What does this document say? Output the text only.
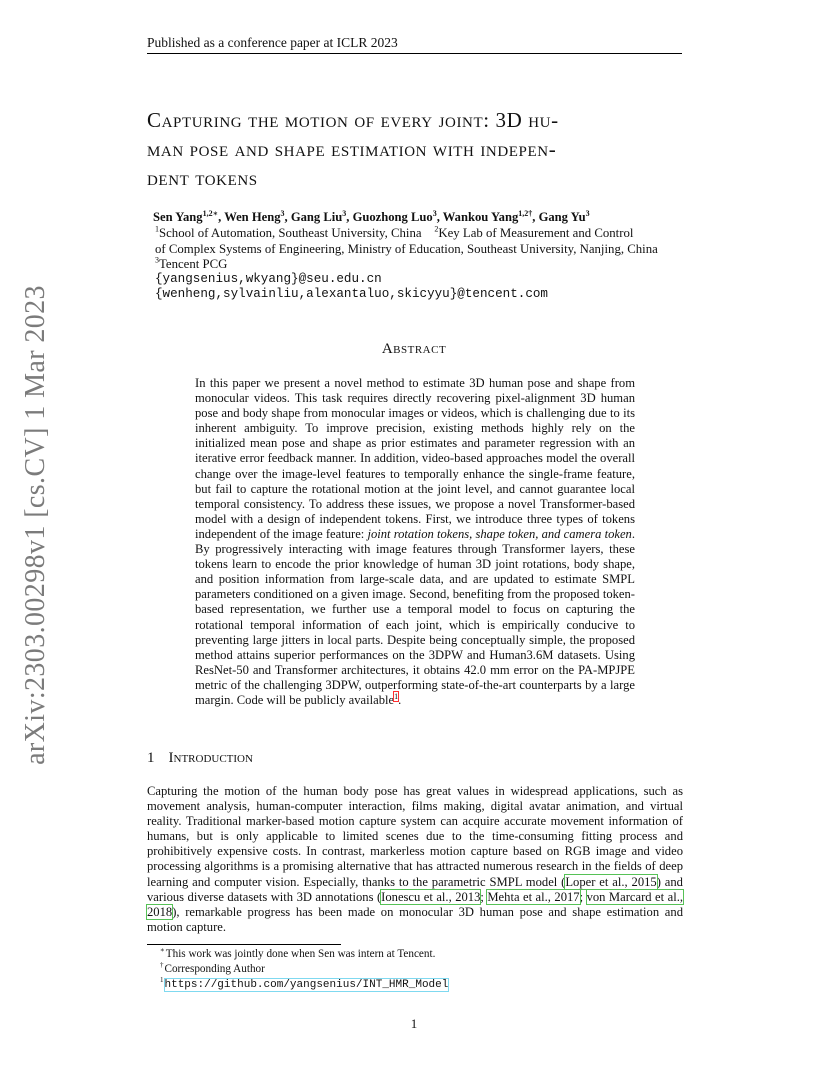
Published as a conference paper at ICLR 2023
Capturing the motion of every joint: 3D hu-
man pose and shape estimation with indepen-
dent tokens
Sen Yang$^{1,2∗}$, Wen Heng$^3$, Gang Liu$^3$, Guozhong Luo$^3$, Wankou Yang$^{1,2\dagger}$, Gang Yu$^3$
$^1$School of Automation, Southeast University, China $^2$Key Lab of Measurement and Control
of Complex Systems of Engineering, Ministry of Education, Southeast University, Nanjing, China
$^3$Tencent PCG
{yangsenius,wkyang}@seu.edu.cn
{wenheng,sylvainliu,alexantaluo,skicyyu}@tencent.com
arXiv:2303.00298v1 [cs.CV] 1 Mar 2023	Abstract

In this paper we present a novel method to estimate 3D human pose and shape from monocular videos. This task requires directly recovering pixel-alignment 3D human pose and body shape from monocular images or videos, which is challenging due to its inherent ambiguity. To improve precision, existing methods highly rely on the initialized mean pose and shape as prior estimates and parameter regression with an iterative error feedback manner. In addition, video-based approaches model the overall change over the image-level features to temporally enhance the single-frame feature, but fail to capture the rotational motion at the joint level, and cannot guarantee local temporal consistency. To address these issues, we propose a novel Transformer-based model with a design of independent tokens. First, we introduce three types of tokens independent of the image feature: joint rotation tokens, shape token, and camera token. By progressively interacting with image features through Transformer layers, these tokens learn to encode the prior knowledge of human 3D joint rotations, body shape, and position information from large-scale data, and are updated to estimate SMPL parameters conditioned on a given image. Second, benefiting from the proposed token-based representation, we further use a temporal model to focus on capturing the rotational temporal information of each joint, which is empirically conducive to preventing large jitters in local parts. Despite being conceptually simple, the proposed method attains superior performances on the 3DPW and Human3.6M datasets. Using ResNet-50 and Transformer architectures, it obtains 42.0 mm error on the PA-MPJPE metric of the challenging 3DPW, outperforming state-of-the-art counterparts by a large margin. Code will be publicly available$^1$.

1 Introduction

Capturing the motion of the human body pose has great values in widespread applications, such as movement analysis, human-computer interaction, films making, digital avatar animation, and virtual reality. Traditional marker-based motion capture system can acquire accurate movement information of humans, but is only applicable to limited scenes due to the time-consuming fitting process and prohibitively expensive costs. In contrast, markerless motion capture based on RGB image and video processing algorithms is a promising alternative that has attracted numerous research in the fields of deep learning and computer vision. Especially, thanks to the parametric SMPL model (Loper et al., 2015) and various diverse datasets with 3D annotations (Ionescu et al., 2013; Mehta et al., 2017; von Marcard et al., 2018), remarkable progress has been made on monocular 3D human pose and shape estimation and motion capture.

∗This work was jointly done when Sen was intern at Tencent.
†Corresponding Author
$^1$https://github.com/yangsenius/INT_HMR_Model
1
